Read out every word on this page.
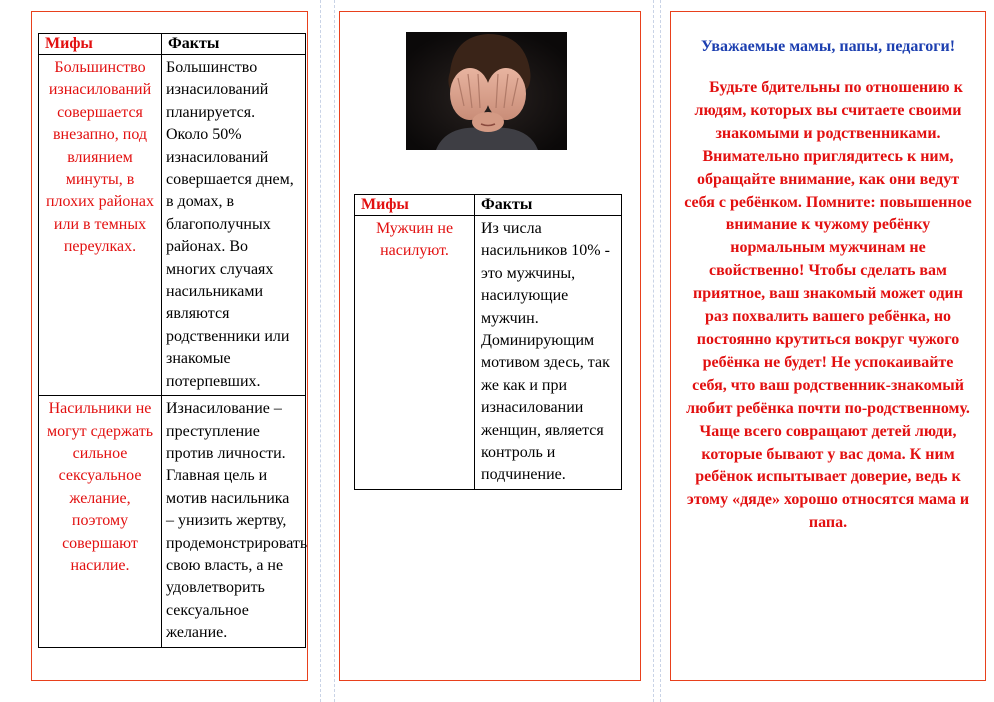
Мифы	Факты
Большинство изнасилований совершается внезапно, под влиянием минуты, в плохих районах или в темных переулках.	Большинство изнасилований планируется. Около 50% изнасилований совершается днем, в домах, в благополучных районах. Во многих случаях насильниками являются родственники или знакомые потерпевших.
Насильники не могут сдержать сильное сексуальное желание, поэтому совершают насилие.	Изнасилование – преступление против личности. Главная цель и мотив насильника – унизить жертву, продемонстрировать свою власть, а не удовлетворить сексуальное желание.
Мифы	Факты
Мужчин не насилуют.	Из числа насильников 10% - это мужчины, насилующие мужчин. Доминирующим мотивом здесь, так же как и при изнасиловании женщин, является контроль и подчинение.
Уважаемые мамы, папы, педагоги!
Будьте бдительны по отношению к людям, которых вы считаете своими знакомыми и родственниками. Внимательно приглядитесь к ним, обращайте внимание, как они ведут себя с ребёнком. Помните: повышенное внимание к чужому ребёнку нормальным мужчинам не свойственно! Чтобы сделать вам приятное, ваш знакомый может один раз похвалить вашего ребёнка, но постоянно крутиться вокруг чужого ребёнка не будет! Не успокаивайте себя, что ваш родственник-знакомый любит ребёнка почти по-родственному. Чаще всего совращают детей люди, которые бывают у вас дома. К ним ребёнок испытывает доверие, ведь к этому «дяде» хорошо относятся мама и папа.
